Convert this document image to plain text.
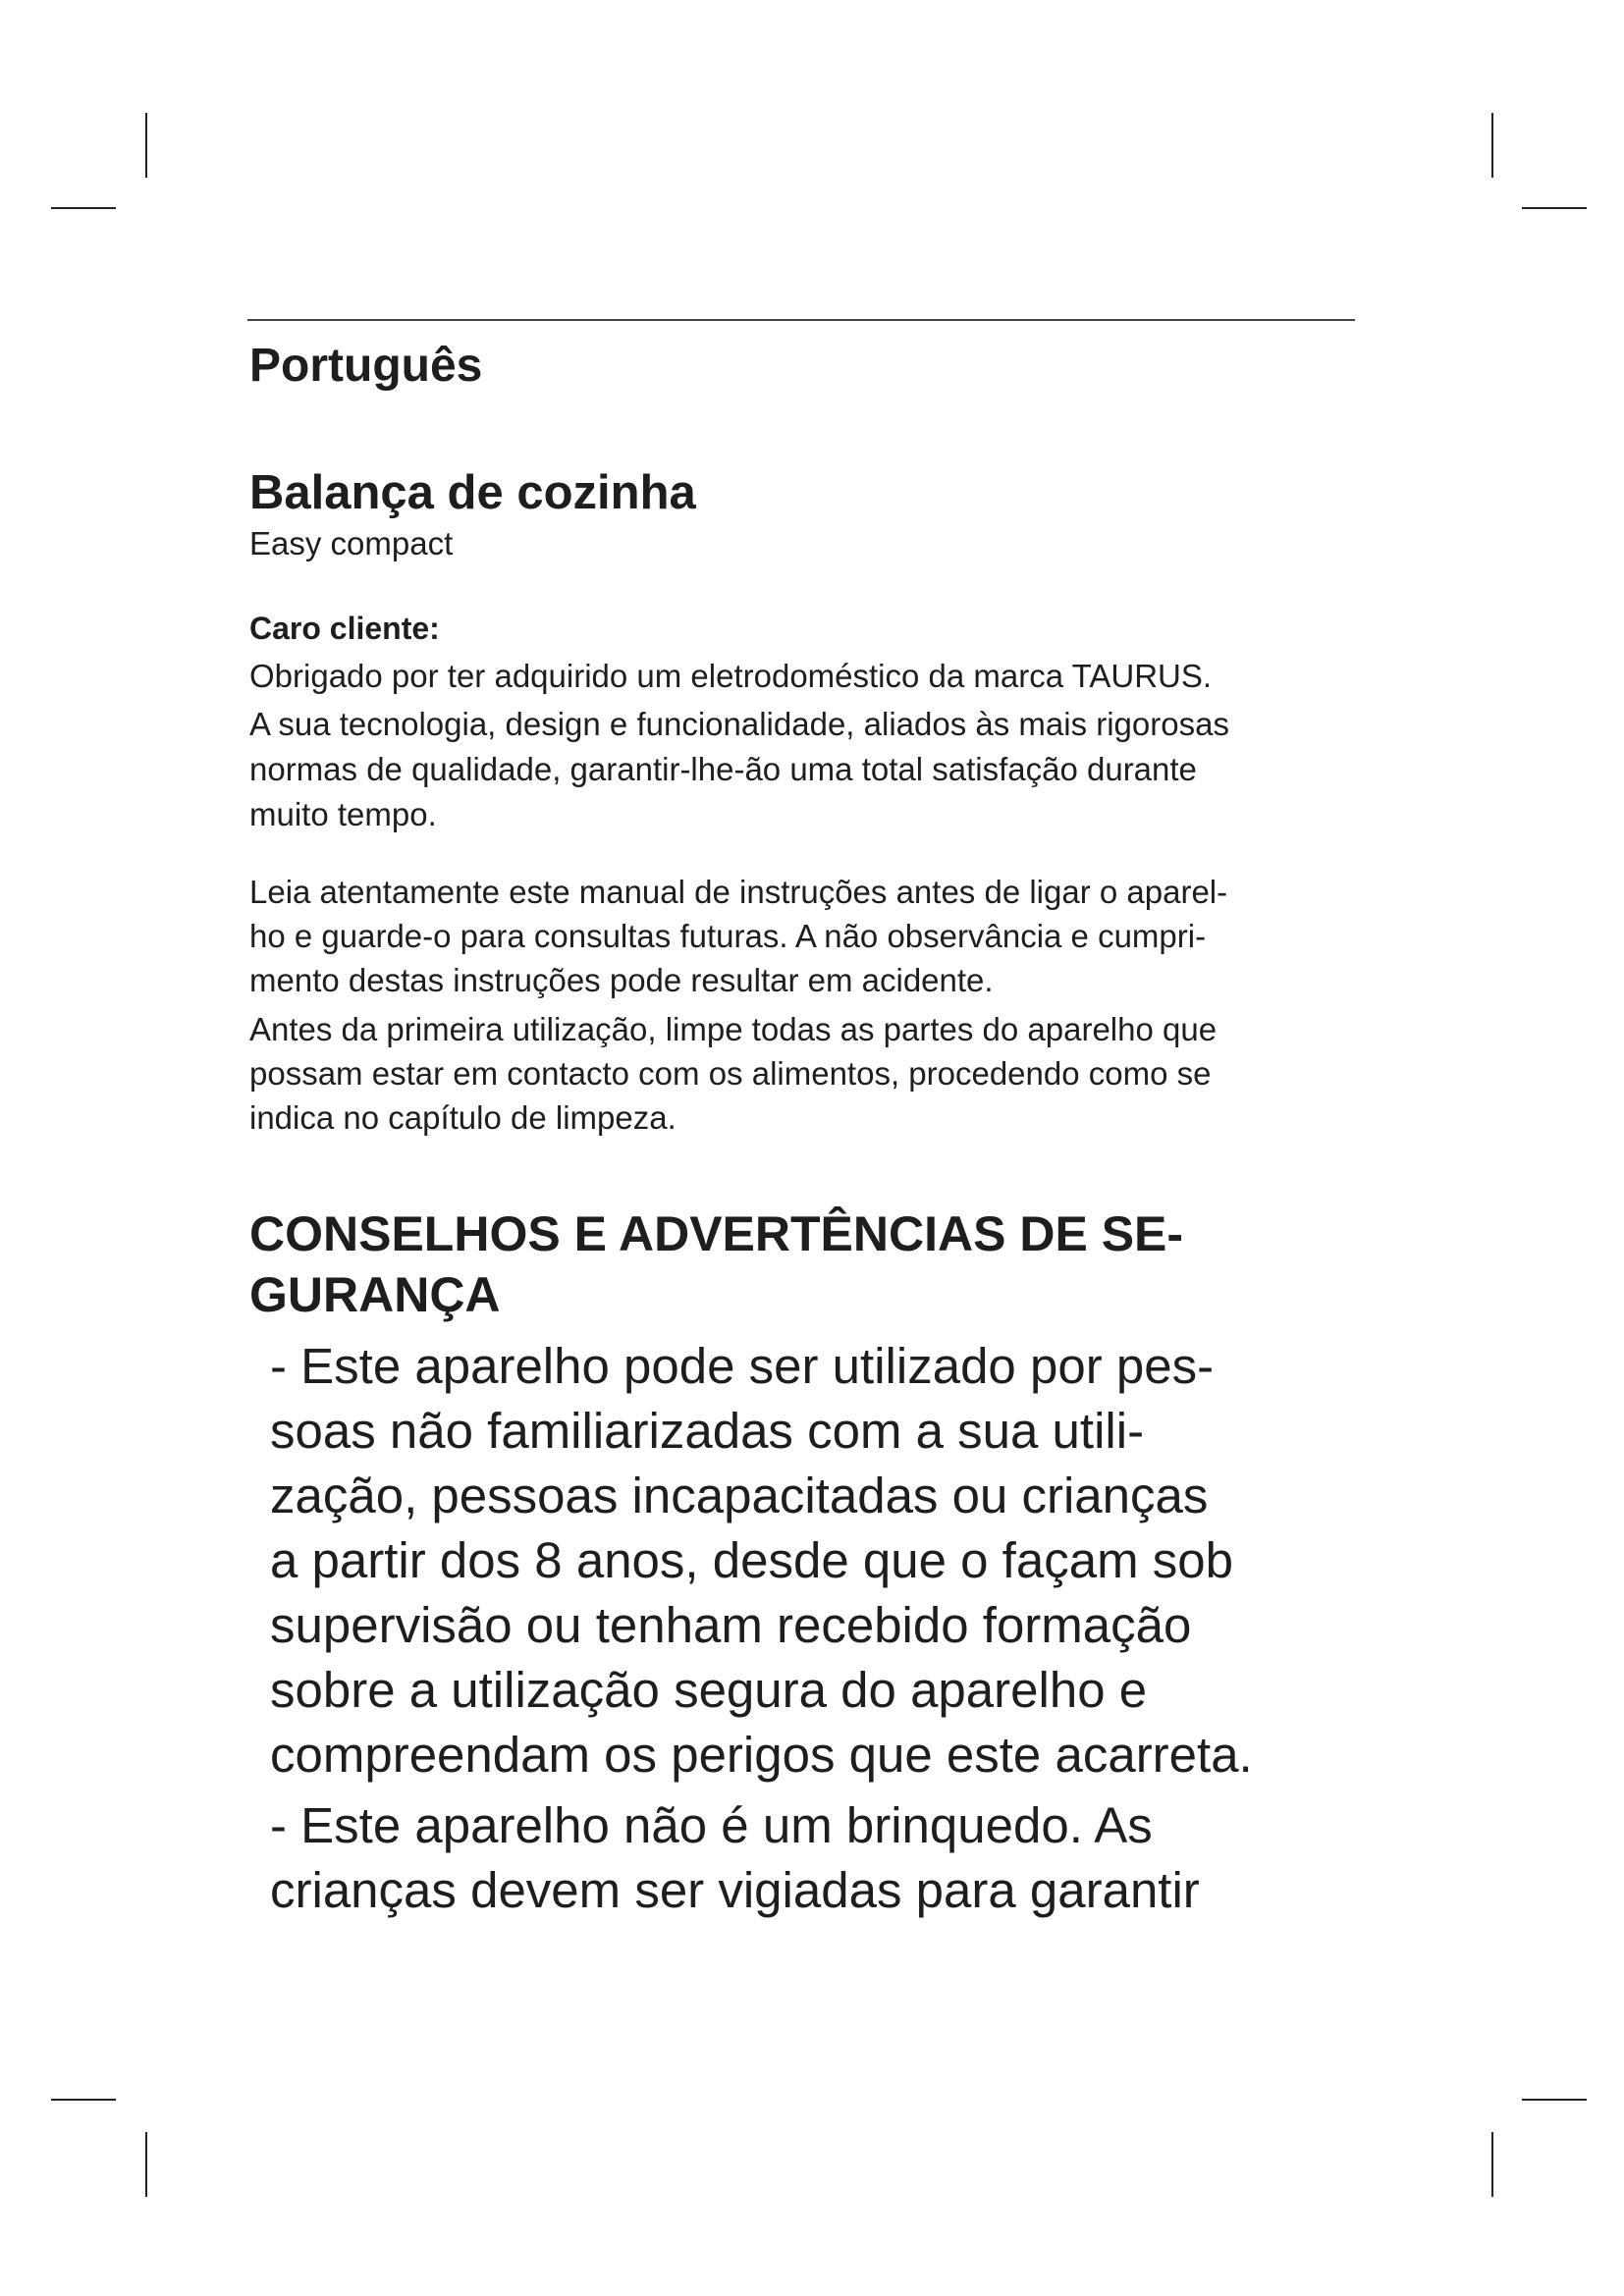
Português
Balança de cozinha
Easy compact
Caro cliente:

Obrigado por ter adquirido um eletrodoméstico da marca TAURUS.

A sua tecnologia, design e funcionalidade, aliados às mais rigorosas
normas de qualidade, garantir-lhe-ão uma total satisfação durante
muito tempo.

Leia atentamente este manual de instruções antes de ligar o aparel-
ho e guarde-o para consultas futuras. A não observância e cumpri-
mento destas instruções pode resultar em acidente.

Antes da primeira utilização, limpe todas as partes do aparelho que
possam estar em contacto com os alimentos, procedendo como se
indica no capítulo de limpeza.

CONSELHOS E ADVERTÊNCIAS DE SE-
GURANÇA

- Este aparelho pode ser utilizado por pes-
soas não familiarizadas com a sua utili-
zação, pessoas incapacitadas ou crianças
a partir dos 8 anos, desde que o façam sob
supervisão ou tenham recebido formação
sobre a utilização segura do aparelho e
compreendam os perigos que este acarreta.

- Este aparelho não é um brinquedo. As
crianças devem ser vigiadas para garantir
